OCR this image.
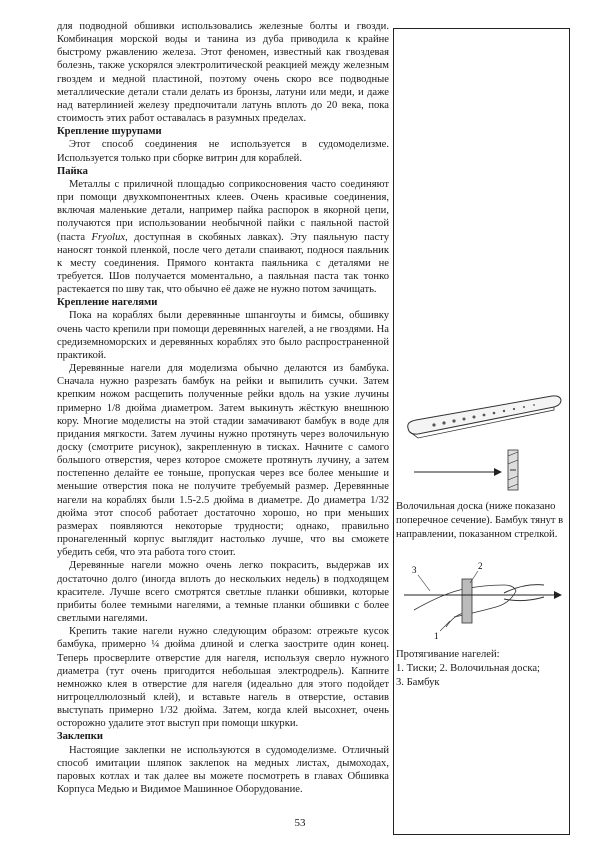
для подводной обшивки использовались железные болты и гвозди. Комбинация морской воды и танина из дуба приводила к крайне быстрому ржавлению железа. Этот феномен, известный как гвоздевая болезнь, также ускорялся электролитической реакцией между железным гвоздем и медной пластиной, поэтому очень скоро все подводные металлические детали стали делать из бронзы, латуни или меди, и даже над ватерлинией железу предпочитали латунь вплоть до 20 века, пока стоимость этих работ оставалась в разумных пределах.

Крепление шурупами

Этот способ соединения не используется в судомоделизме. Используется только при сборке витрин для кораблей.

Пайка

Металлы с приличной площадью соприкосновения часто соединяют при помощи двухкомпонентных клеев. Очень красивые соединения, включая маленькие детали, например пайка распорок в якорной цепи, получаются при использовании необычной пайки с паяльной пастой (паста Fryolux, доступная в скобяных лавках). Эту паяльную пасту наносят тонкой пленкой, после чего детали спаивают, поднося паяльник к месту соединения. Прямого контакта паяльника с деталями не требуется. Шов получается моментально, а паяльная паста так тонко растекается по шву так, что обычно её даже не нужно потом зачищать.

Крепление нагелями

Пока на кораблях были деревянные шпангоуты и бимсы, обшивку очень часто крепили при помощи деревянных нагелей, а не гвоздями. На средиземноморских и деревянных кораблях это было распространенной практикой.

Деревянные нагели для моделизма обычно делаются из бамбука. Сначала нужно разрезать бамбук на рейки и выпилить сучки. Затем крепким ножом расщепить полученные рейки вдоль на узкие лучины примерно 1/8 дюйма диаметром. Затем выкинуть жёсткую внешнюю кору. Многие моделисты на этой стадии замачивают бамбук в воде для придания мягкости. Затем лучины нужно протянуть через волочильную доску (смотрите рисунок), закрепленную в тисках. Начните с самого большого отверстия, через которое сможете протянуть лучину, а затем постепенно делайте ее тоньше, пропуская через все более меньшие и меньшие отверстия пока не получите требуемый размер. Деревянные нагели на кораблях были 1.5-2.5 дюйма в диаметре. До диаметра 1/32 дюйма этот способ работает достаточно хорошо, но при меньших размерах появляются некоторые трудности; однако, правильно пронагеленный корпус выглядит настолько лучше, что вы сможете убедить себя, что эта работа того стоит.

Деревянные нагели можно очень легко покрасить, выдержав их достаточно долго (иногда вплоть до нескольких недель) в подходящем красителе. Лучше всего смотрятся светлые планки обшивки, которые прибиты более темными нагелями, а темные планки обшивки с более светлыми нагелями.

Крепить такие нагели нужно следующим образом: отрежьте кусок бамбука, примерно ¼ дюйма длиной и слегка заострите один конец. Теперь просверлите отверстие для нагеля, используя сверло нужного диаметра (тут очень пригодится небольшая электродрель). Капните немножко клея в отверстие для нагеля (идеально для этого подойдет нитроцеллюлозный клей), и вставьте нагель в отверстие, оставив выступать примерно 1/32 дюйма. Затем, когда клей высохнет, очень осторожно удалите этот выступ при помощи шкурки.

Заклепки

Настоящие заклепки не используются в судомоделизме. Отличный способ имитации шляпок заклепок на медных листах, дымоходах, паровых котлах и так далее вы можете посмотреть в главах Обшивка Корпуса Медью и Видимое Машинное Оборудование.

Волочильная доска (ниже показано поперечное сечение). Бамбук тянут в направлении, показанном стрелкой.

3	2
1
Протягивание нагелей:
1. Тиски; 2. Волочильная доска;
3. Бамбук
53
